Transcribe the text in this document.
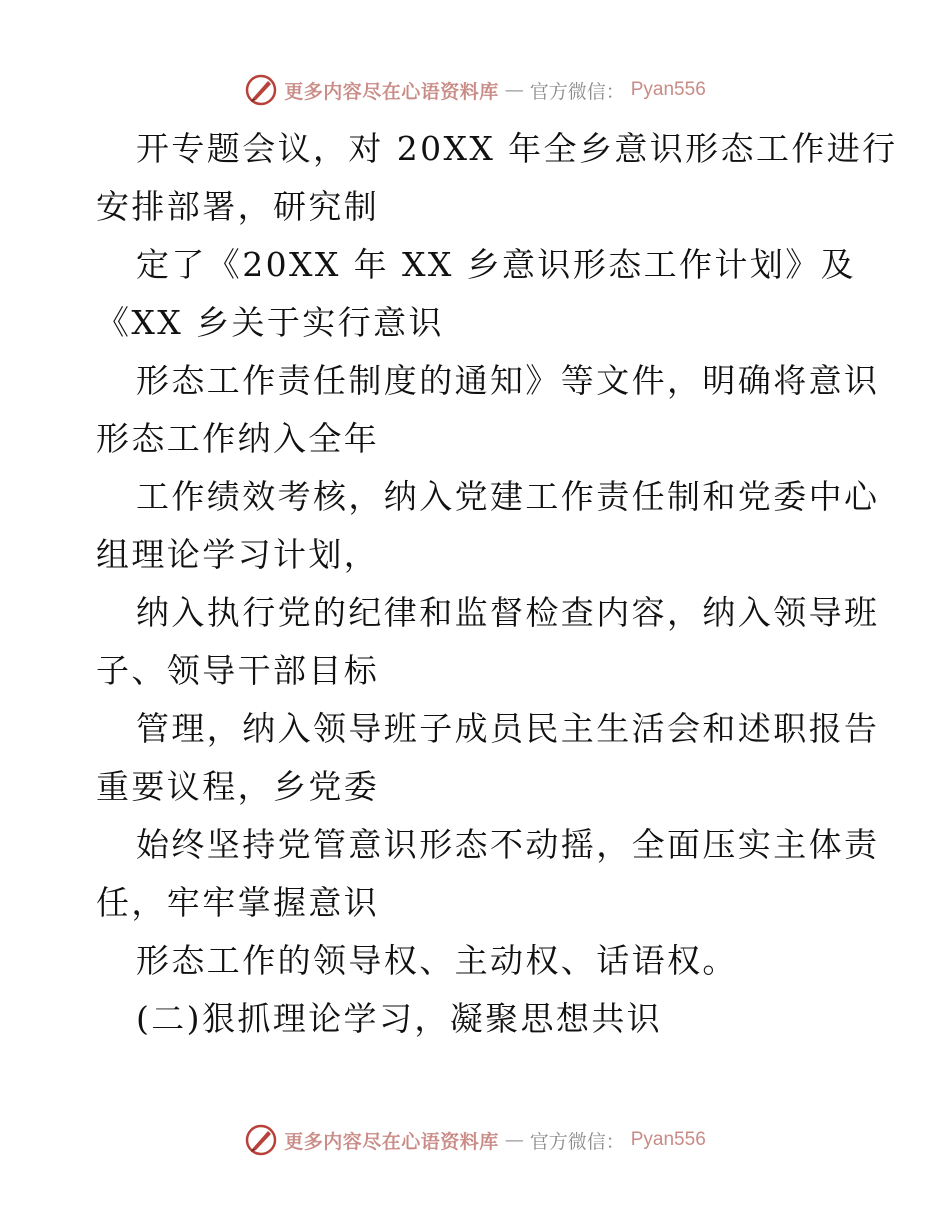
更多内容尽在心语资料库 — 官方微信： Pyan556
开专题会议，对 20XX 年全乡意识形态工作进行
安排部署，研究制
定了《20XX 年 XX 乡意识形态工作计划》及
《XX 乡关于实行意识
形态工作责任制度的通知》等文件，明确将意识
形态工作纳入全年
工作绩效考核，纳入党建工作责任制和党委中心
组理论学习计划，
纳入执行党的纪律和监督检查内容，纳入领导班
子、领导干部目标
管理，纳入领导班子成员民主生活会和述职报告
重要议程，乡党委
始终坚持党管意识形态不动摇，全面压实主体责
任，牢牢掌握意识
形态工作的领导权、主动权、话语权。
(二)狠抓理论学习，凝聚思想共识
更多内容尽在心语资料库 — 官方微信： Pyan556
